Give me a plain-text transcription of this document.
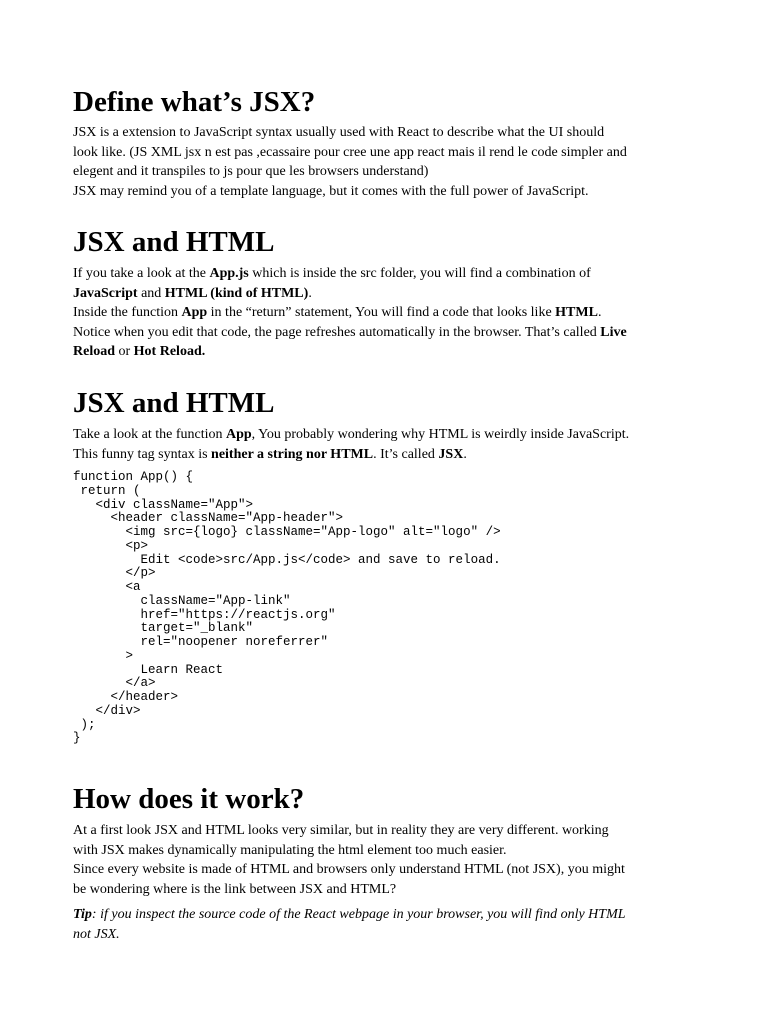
Define what’s JSX?

JSX is a extension to JavaScript syntax usually used with React to describe what the UI should
look like. (JS XML jsx n est pas ,ecassaire pour cree une app react mais il rend le code simpler and
elegent and it transpiles to js pour que les browsers understand)
JSX may remind you of a template language, but it comes with the full power of JavaScript.

JSX and HTML

If you take a look at the App.js which is inside the src folder, you will find a combination of
JavaScript and HTML (kind of HTML).
Inside the function App in the “return” statement, You will find a code that looks like HTML.
Notice when you edit that code, the page refreshes automatically in the browser. That’s called Live
Reload or Hot Reload.

JSX and HTML

Take a look at the function App, You probably wondering why HTML is weirdly inside JavaScript.
This funny tag syntax is neither a string nor HTML. It’s called JSX.

function App() {
return (
<div className="App">
<header className="App-header">
<img src={logo} className="App-logo" alt="logo" />
<p>
Edit <code>src/App.js</code> and save to reload.
</p>
<a
className="App-link"
href="https://reactjs.org"
target="_blank"
rel="noopener noreferrer"
>
Learn React
</a>
</header>
</div>
);
}
How does it work?

At a first look JSX and HTML looks very similar, but in reality they are very different. working
with JSX makes dynamically manipulating the html element too much easier.
Since every website is made of HTML and browsers only understand HTML (not JSX), you might
be wondering where is the link between JSX and HTML?

Tip: if you inspect the source code of the React webpage in your browser, you will find only HTML
not JSX.
